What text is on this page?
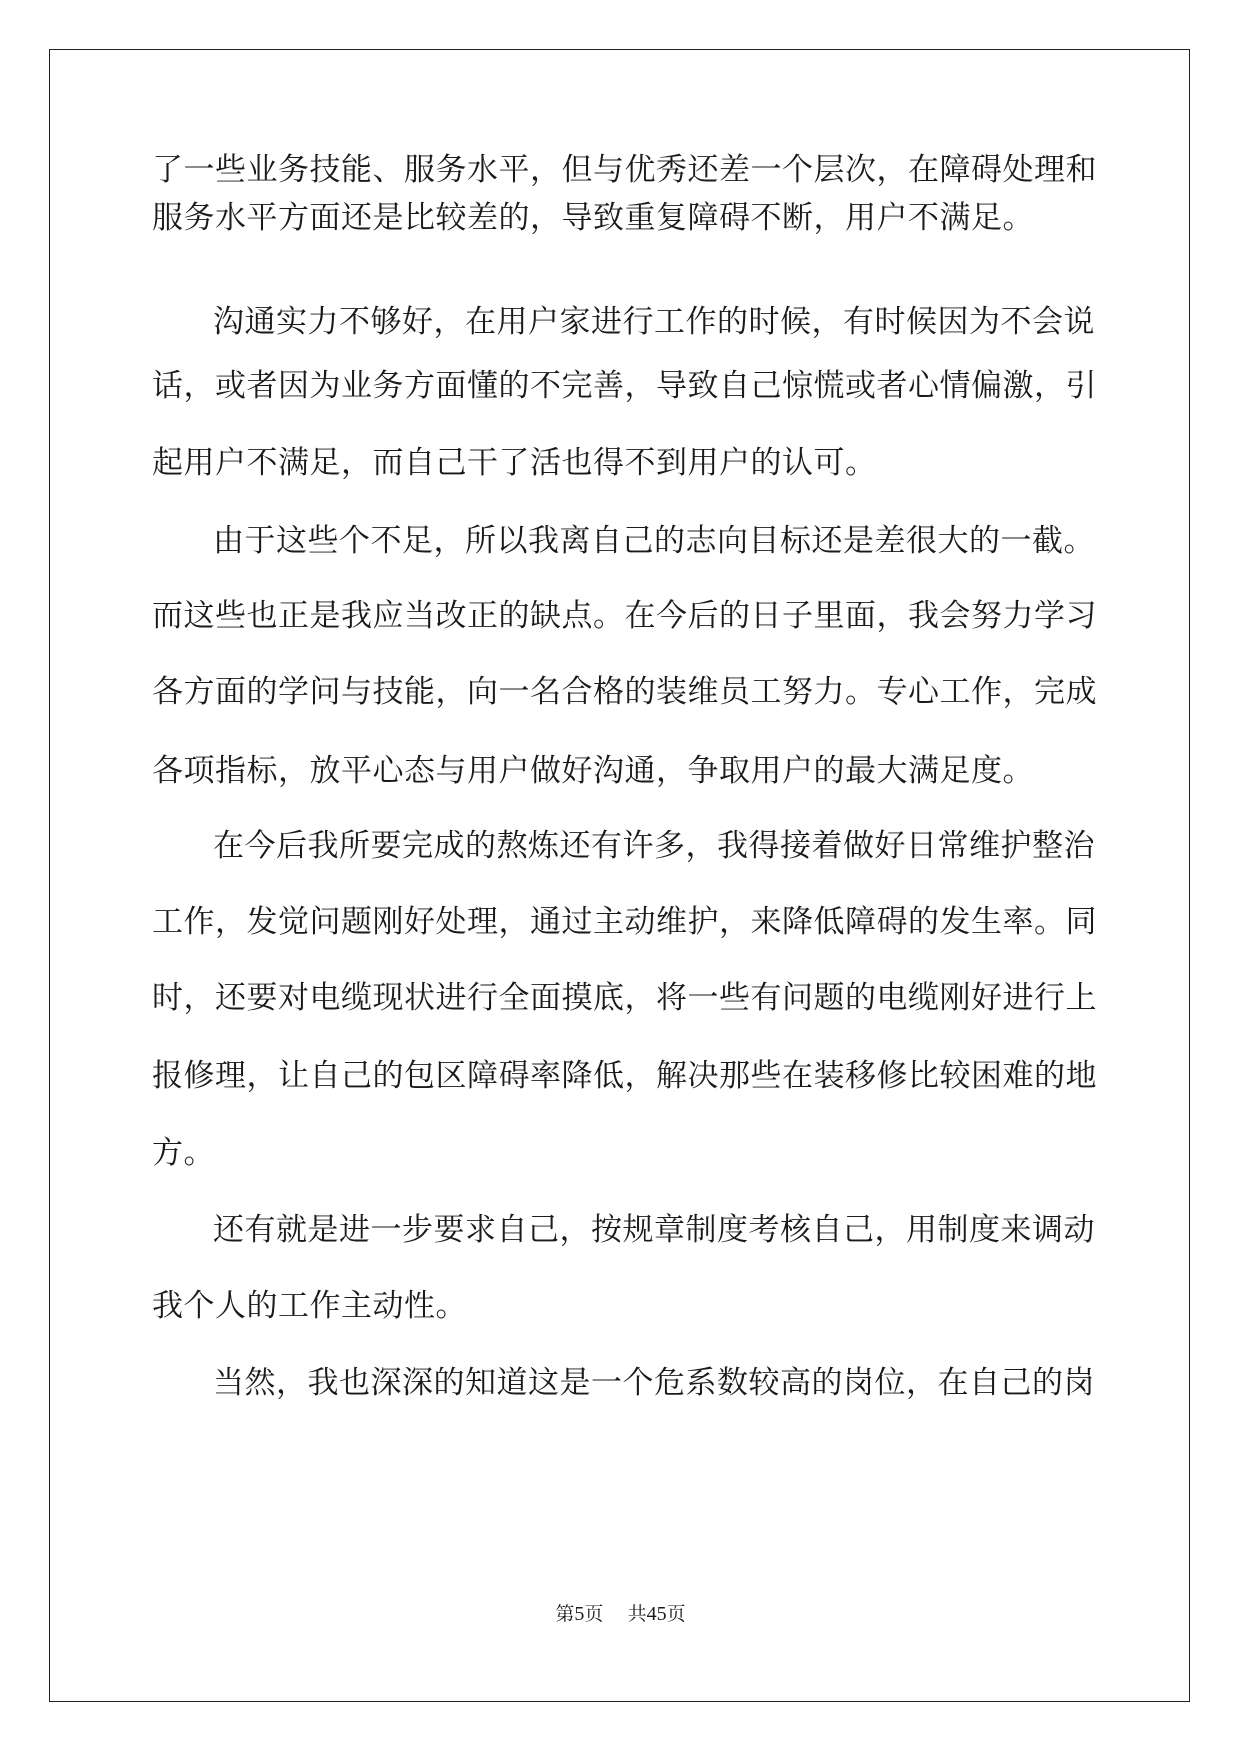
了一些业务技能、服务水平，但与优秀还差一个层次，在障碍处理和
服务水平方面还是比较差的，导致重复障碍不断，用户不满足。
沟通实力不够好，在用户家进行工作的时候，有时候因为不会说
话，或者因为业务方面懂的不完善，导致自己惊慌或者心情偏激，引
起用户不满足，而自己干了活也得不到用户的认可。
由于这些个不足，所以我离自己的志向目标还是差很大的一截。
而这些也正是我应当改正的缺点。在今后的日子里面，我会努力学习
各方面的学问与技能，向一名合格的装维员工努力。专心工作，完成
各项指标，放平心态与用户做好沟通，争取用户的最大满足度。
在今后我所要完成的熬炼还有许多，我得接着做好日常维护整治
工作，发觉问题刚好处理，通过主动维护，来降低障碍的发生率。同
时，还要对电缆现状进行全面摸底，将一些有问题的电缆刚好进行上
报修理，让自己的包区障碍率降低，解决那些在装移修比较困难的地
方。
还有就是进一步要求自己，按规章制度考核自己，用制度来调动
我个人的工作主动性。
当然，我也深深的知道这是一个危系数较高的岗位，在自己的岗
第5页 共45页
